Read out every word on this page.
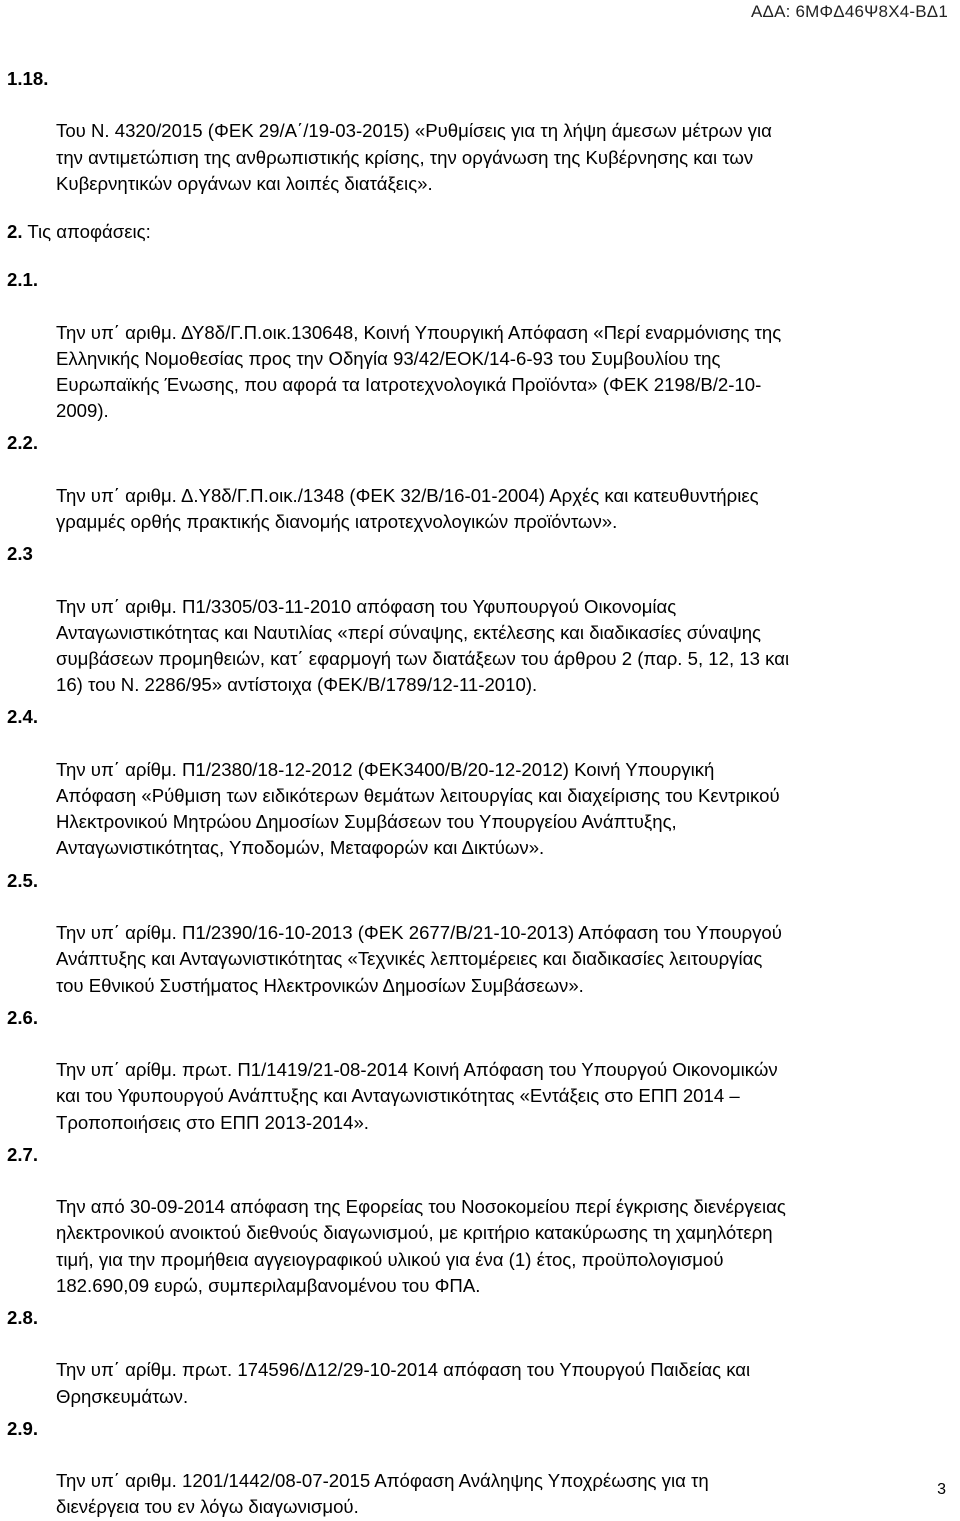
ΑΔΑ: 6ΜΦΔ46Ψ8Χ4-ΒΔ1

1.18.

Του Ν. 4320/2015 (ΦΕΚ 29/Α΄/19-03-2015) «Ρυθμίσεις για τη λήψη άμεσων μέτρων για
την αντιμετώπιση της ανθρωπιστικής κρίσης, την οργάνωση της Κυβέρνησης και των
Κυβερνητικών οργάνων και λοιπές διατάξεις».

2. Τις αποφάσεις:

2.1.

Την υπ΄ αριθμ. ΔΥ8δ/Γ.Π.οικ.130648, Κοινή Υπουργική Απόφαση «Περί εναρμόνισης της
Ελληνικής Νομοθεσίας προς την Οδηγία 93/42/ΕΟΚ/14-6-93 του Συμβουλίου της
Ευρωπαϊκής Ένωσης, που αφορά τα Ιατροτεχνολογικά Προϊόντα» (ΦΕΚ 2198/Β/2-10-
2009).

2.2.

Την υπ΄ αριθμ. Δ.Υ8δ/Γ.Π.οικ./1348 (ΦΕΚ 32/Β/16-01-2004) Αρχές και κατευθυντήριες
γραμμές ορθής πρακτικής διανομής ιατροτεχνολογικών προϊόντων».

2.3

Την υπ΄ αριθμ. Π1/3305/03-11-2010 απόφαση του Υφυπουργού Οικονομίας
Ανταγωνιστικότητας και Ναυτιλίας «περί σύναψης, εκτέλεσης και διαδικασίες σύναψης
συμβάσεων προμηθειών, κατ΄ εφαρμογή των διατάξεων του άρθρου 2 (παρ. 5, 12, 13 και
16) του Ν. 2286/95» αντίστοιχα (ΦΕΚ/Β/1789/12-11-2010).

2.4.

Την υπ΄ αρίθμ. Π1/2380/18-12-2012 (ΦΕΚ3400/Β/20-12-2012) Κοινή Υπουργική
Απόφαση «Ρύθμιση των ειδικότερων θεμάτων λειτουργίας και διαχείρισης του Κεντρικού
Ηλεκτρονικού Μητρώου Δημοσίων Συμβάσεων του Υπουργείου Ανάπτυξης,
Ανταγωνιστικότητας, Υποδομών, Μεταφορών και Δικτύων».

2.5.

Την υπ΄ αρίθμ. Π1/2390/16-10-2013 (ΦΕΚ 2677/Β/21-10-2013) Απόφαση του Υπουργού
Ανάπτυξης και Ανταγωνιστικότητας «Τεχνικές λεπτομέρειες και διαδικασίες λειτουργίας
του Εθνικού Συστήματος Ηλεκτρονικών Δημοσίων Συμβάσεων».

2.6.

Την υπ΄ αρίθμ. πρωτ. Π1/1419/21-08-2014 Κοινή Απόφαση του Υπουργού Οικονομικών
και του Υφυπουργού Ανάπτυξης και Ανταγωνιστικότητας «Εντάξεις στο ΕΠΠ 2014 –
Τροποποιήσεις στο ΕΠΠ 2013-2014».

2.7.

Την από 30-09-2014 απόφαση της Εφορείας του Νοσοκομείου περί έγκρισης διενέργειας
ηλεκτρονικού ανοικτού διεθνούς διαγωνισμού, με κριτήριο κατακύρωσης τη χαμηλότερη
τιμή, για την προμήθεια αγγειογραφικού υλικού για ένα (1) έτος, προϋπολογισμού
182.690,09 ευρώ, συμπεριλαμβανομένου του ΦΠΑ.

2.8.

Την υπ΄ αρίθμ. πρωτ. 174596/Δ12/29-10-2014 απόφαση του Υπουργού Παιδείας και
Θρησκευμάτων.

2.9.

Την υπ΄ αριθμ. 1201/1442/08-07-2015 Απόφαση Ανάληψης Υποχρέωσης για τη
διενέργεια του εν λόγω διαγωνισμού.

3
